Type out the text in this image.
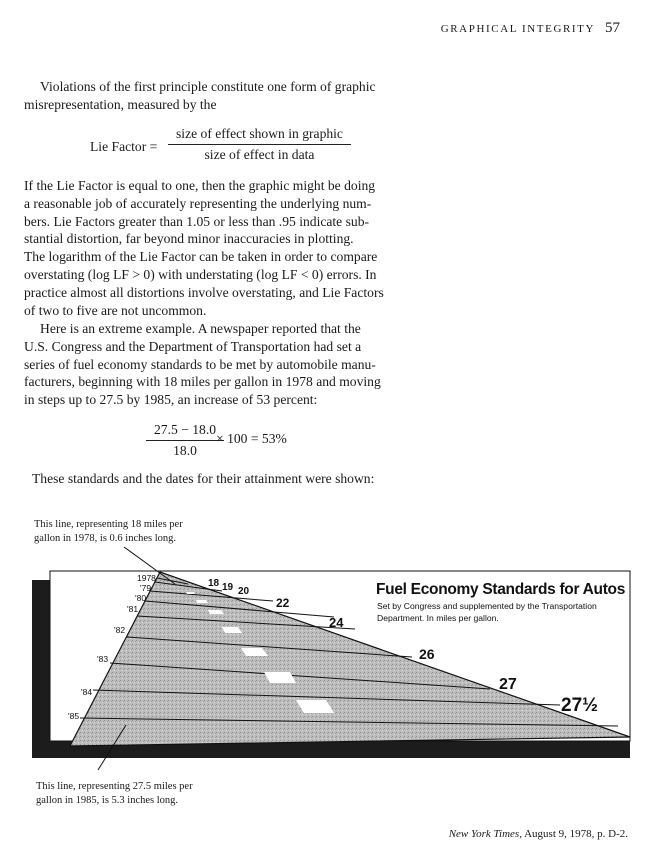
GRAPHICAL INTEGRITY 57

Violations of the first principle constitute one form of graphic misrepresentation, measured by the

Lie Factor =
size of effect shown in graphic
size of effect in data
If the Lie Factor is equal to one, then the graphic might be doing
a reasonable job of accurately representing the underlying num-
bers. Lie Factors greater than 1.05 or less than .95 indicate sub-
stantial distortion, far beyond minor inaccuracies in plotting.
The logarithm of the Lie Factor can be taken in order to compare
overstating (log LF > 0) with understating (log LF < 0) errors. In
practice almost all distortions involve overstating, and Lie Factors
of two to five are not uncommon.
Here is an extreme example. A newspaper reported that the
U.S. Congress and the Department of Transportation had set a
series of fuel economy standards to be met by automobile manu-
facturers, beginning with 18 miles per gallon in 1978 and moving
in steps up to 27.5 by 1985, an increase of 53 percent:
$\frac{27.5 - 18.0}{18.0}$
× 100 = 53%

These standards and the dates for their attainment were shown:

This line, representing 18 miles per
gallon in 1978, is 0.6 inches long.
1978
'79
'80
'81
'82
'83
'84
'85
18 19 20
22
24
26
27
27½
Fuel Economy Standards for Autos
Set by Congress and supplemented by the Transportation
Department. In miles per gallon.
This line, representing 27.5 miles per
gallon in 1985, is 5.3 inches long.
New York Times, August 9, 1978, p. D-2.
